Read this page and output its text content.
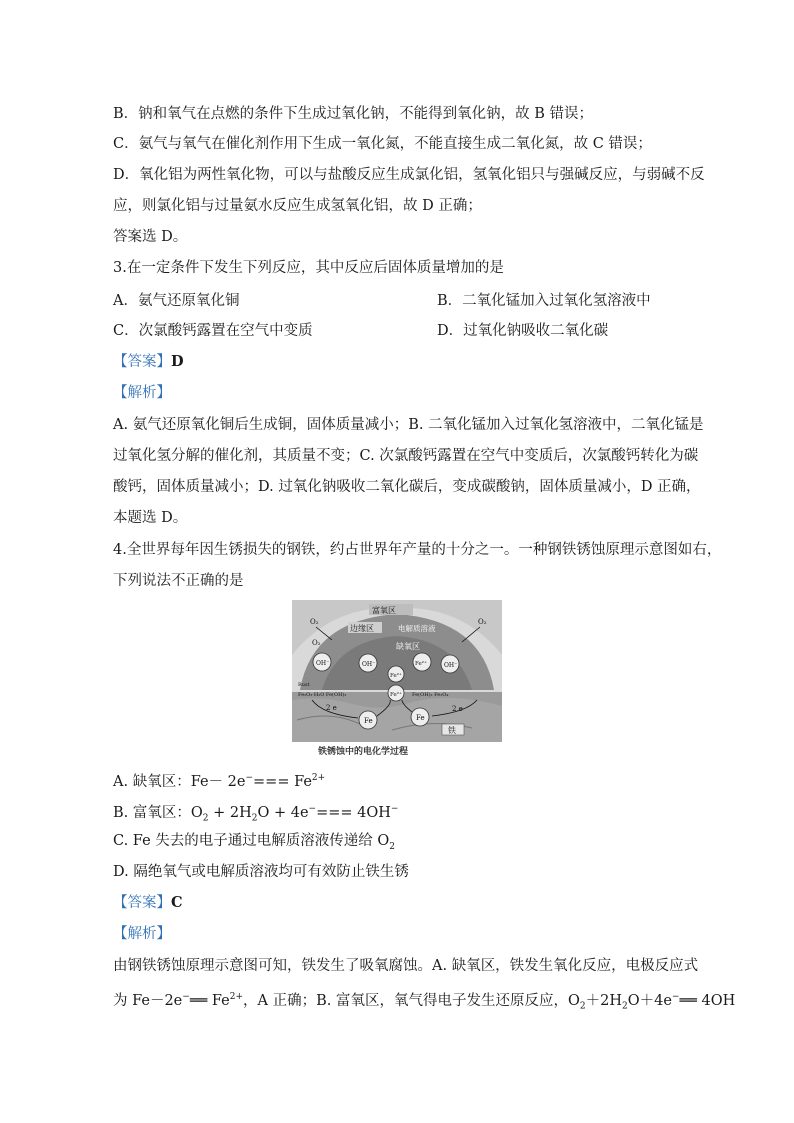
B．钠和氧气在点燃的条件下生成过氧化钠，不能得到氧化钠，故 B 错误；
C．氨气与氧气在催化剂作用下生成一氧化氮，不能直接生成二氧化氮，故 C 错误；
D．氧化铝为两性氧化物，可以与盐酸反应生成氯化铝，氢氧化铝只与强碱反应，与弱碱不反
应，则氯化铝与过量氨水反应生成氢氧化铝，故 D 正确；
答案选 D。
3.在一定条件下发生下列反应，其中反应后固体质量增加的是
A．氨气还原氧化铜	B．二氧化锰加入过氧化氢溶液中
C．次氯酸钙露置在空气中变质	D．过氧化钠吸收二氧化碳
【答案】D
【解析】
A. 氨气还原氧化铜后生成铜，固体质量减小；B. 二氧化锰加入过氧化氢溶液中，二氧化锰是
过氧化氢分解的催化剂，其质量不变；C. 次氯酸钙露置在空气中变质后，次氯酸钙转化为碳
酸钙，固体质量减小；D. 过氧化钠吸收二氧化碳后，变成碳酸钠，固体质量减小，D 正确，
本题选 D。
4.全世界每年因生锈损失的钢铁，约占世界年产量的十分之一。一种钢铁锈蚀原理示意图如右，
下列说法不正确的是
富氧区
边缘区	电解质溶液
缺氧区
O₂	O₂
O₂
OH⁻	OH⁻
Fe²⁺
Fe²⁺	OH⁻
Fe²⁺
Rust
Fe₂O₃·H₂O Fe(OH)₃	Fe(OH)₂ Fe₃O₄
Fe	Fe
2 e
2 e
铁
铁锈蚀中的电化学过程
A. 缺氧区：$Fe- 2e^-=== Fe^{2+}$
B. 富氧区：$O_2 + 2H_2O + 4e^-=== 4OH^-$
C. Fe 失去的电子通过电解质溶液传递给 $O_2$
D. 隔绝氧气或电解质溶液均可有效防止铁生锈
【答案】C
【解析】
由钢铁锈蚀原理示意图可知，铁发生了吸氧腐蚀。A. 缺氧区，铁发生氧化反应，电极反应式
为 Fe－2e−══ $Fe^{2+}$，A 正确；B. 富氧区，氧气得电子发生还原反应，$O_2+2H_2O+4e^-══$ 4OH
